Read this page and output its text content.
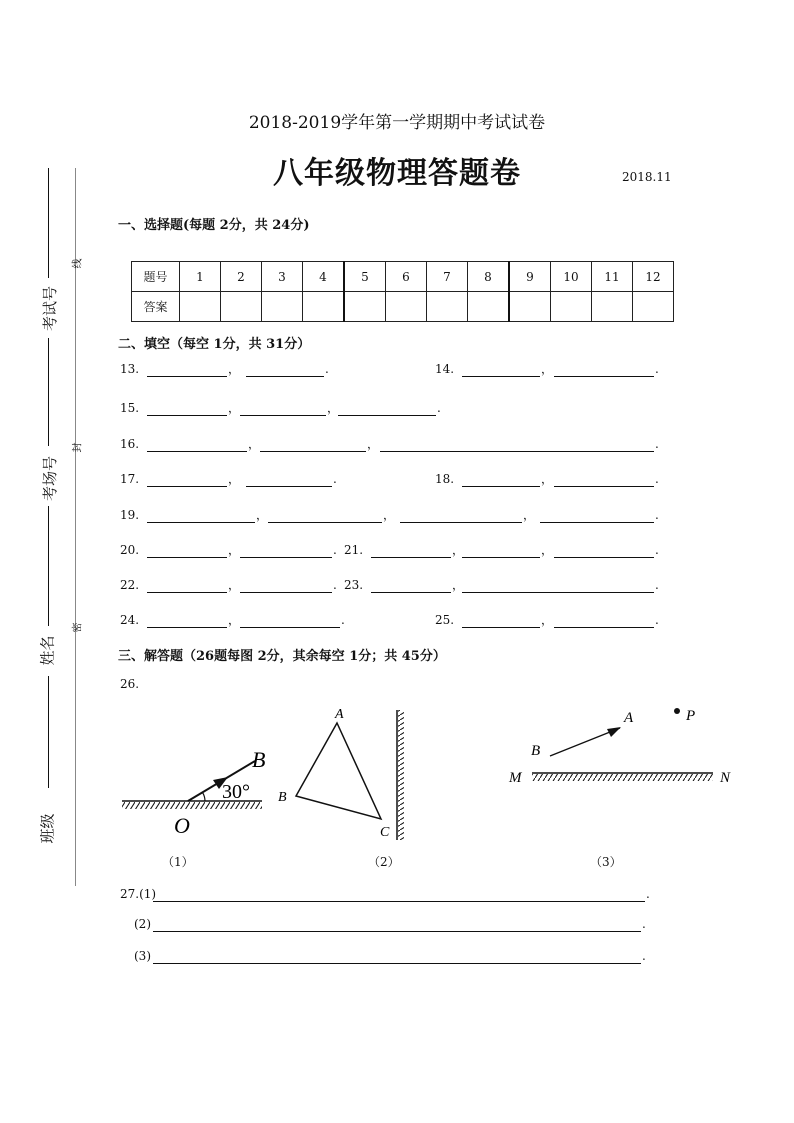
2018-2019学年第一学期期中考试试卷
八年级物理答题卷	2018.11
考试号
考场号
姓名
班级
线
封
密
一、选择题(每题 2分，共 24分)
题号	1	2	3	4	5	6	7	8	9	10	11	12
答案												
二、填空（每空 1分，共 31分）
13.	，	.	14.	，	.
15.	，	，	.
16.	，	，	.
17.	，	.	18.	，	.
19.	，	，	，	.
20.	，	. 21.	，	，	.
22.	，	. 23.	，	.
24.	，	.	25.	，	.
三、解答题（26题每图 2分，其余每空 1分；共 45分）
26.
B
30°
O
A
B
C
A
B
P
M	N
（1）	（2）	（3）
27.(1)	.
(2)	.
(3)	.
